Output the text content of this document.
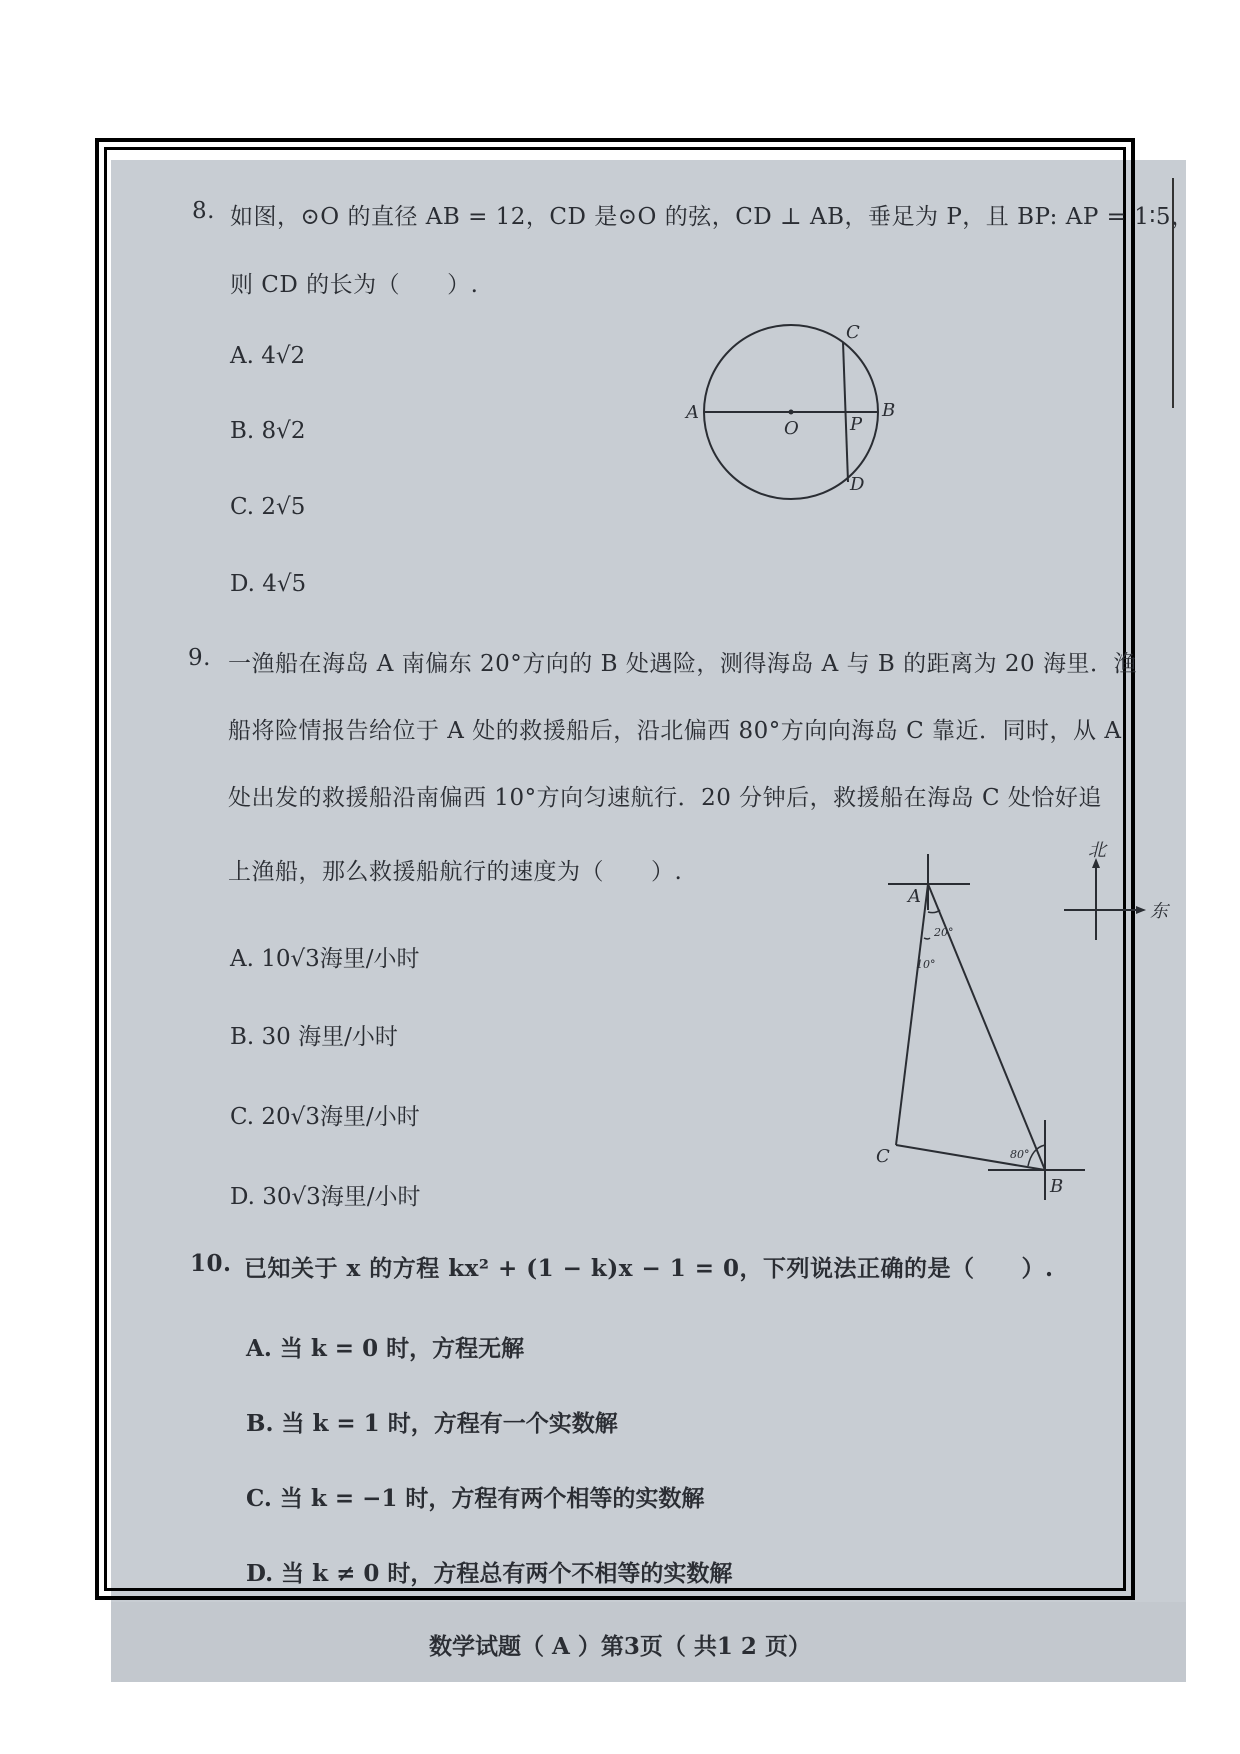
8. 如图，⊙O 的直径 AB = 12，CD 是⊙O 的弦，CD ⊥ AB，垂足为 P，且 BP: AP = 1∶5，
则 CD 的长为（　　）.
A. 4√2
B. 8√2
C. 2√5
D. 4√5
A	B
C
D
O	P
9. 一渔船在海岛 A 南偏东 20°方向的 B 处遇险，测得海岛 A 与 B 的距离为 20 海里．渔
船将险情报告给位于 A 处的救援船后，沿北偏西 80°方向向海岛 C 靠近．同时，从 A
处出发的救援船沿南偏西 10°方向匀速航行．20 分钟后，救援船在海岛 C 处恰好追
上渔船，那么救援船航行的速度为（　　）.
A. 10√3海里/小时
B. 30 海里/小时
C. 20√3海里/小时
D. 30√3海里/小时
A
B
C
20°
10°
80°
北
东
10. 已知关于 x 的方程 kx² + (1 − k)x − 1 = 0，下列说法正确的是（　　）.
A. 当 k = 0 时，方程无解
B. 当 k = 1 时，方程有一个实数解
C. 当 k = −1 时，方程有两个相等的实数解
D. 当 k ≠ 0 时，方程总有两个不相等的实数解
数学试题（ A ）第3页（ 共1 2 页）
